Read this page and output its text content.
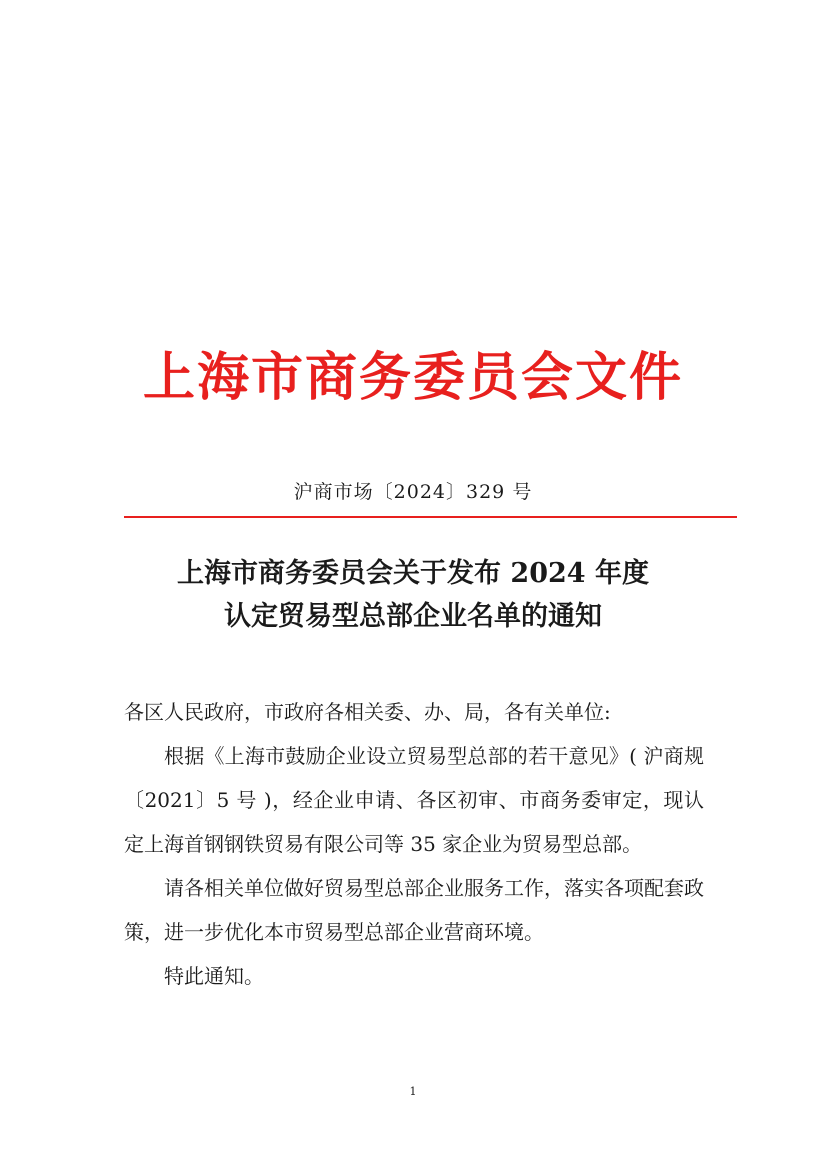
上海市商务委员会文件
沪商市场〔2024〕329 号
上海市商务委员会关于发布 2024 年度
认定贸易型总部企业名单的通知

各区人民政府，市政府各相关委、办、局，各有关单位:

根据《上海市鼓励企业设立贸易型总部的若干意见》( 沪商规〔2021〕5 号 )，经企业申请、各区初审、市商务委审定，现认定上海首钢钢铁贸易有限公司等 35 家企业为贸易型总部。

请各相关单位做好贸易型总部企业服务工作，落实各项配套政策，进一步优化本市贸易型总部企业营商环境。

特此通知。

1
